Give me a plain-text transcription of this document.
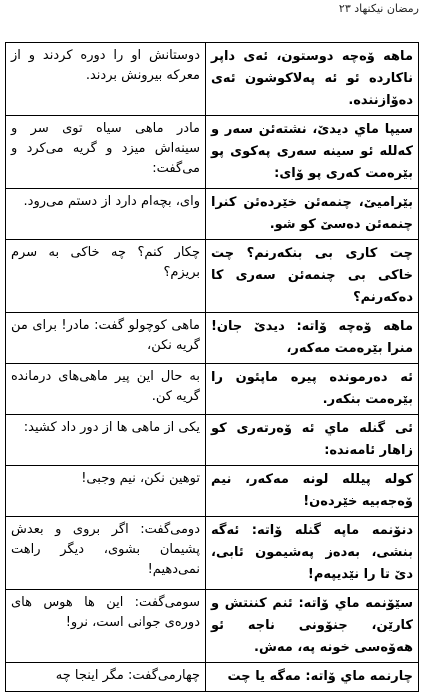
رمضان نیکنهاد ۲۳
ماهە ۆەچە دوستون، ئەی داپر ناکاردە ئو ئە پەلاکوشون ئەی دەۆازنندە.	دوستانش او را دوره کردند و از معرکه بیرونش بردند.
سیپا ماي دیدێ، نشتەئن سەر و کەللە ئو سینە سەری پەکوی پو بێرەمت کەری پو ۆای:	مادر ماهی سیاه توی سر و سینه‌اش میزد و گریه می‌کرد و می‌گفت:
بێرامیێ، چنمەئن خێردەئن کنرا چنمەئن دەسێ کو شو.	وای، بچه‌ام دارد از دستم می‌رود.
چت کاری بی بنکەرنم؟ چت خاکی بی چنمەئن سەری کا دەکەرنم؟	چکار کنم؟ چه خاکی به سرم بریزم؟
ماهە ۆەچە ۆاتە: دیدێ جان! منرا بێرەمت مەکەر،	ماهی کوچولو گفت: مادر! برای من گریه نکن،
ئە دەرموندە پیرە ماپئون را بێرەمت بنکەر.	به حال این پیر ماهی‌های درمانده گریه کن.
ئی گنلە ماي ئە ۆەرتەری کو زاهار ئامەندە:	یکی از ماهی ها از دور داد کشید:
کولە پیللە لونە مەکەر، نیم ۆەجەبیە خێردەن!	توهین نکن، نیم وجبی!
دنۆنمە ماپە گنلە ۆاتە: ئەگە بنشی، بەدەز پەشیمون ئابی، دێ تا را نێدیپەم!	دومی‌گفت: اگر بروی و بعدش پشیمان بشوی، دیگر راهت نمی‌دهیم!
سێۆنمە ماي ۆاتە: ئنم کننتش و کارێن، جنۆونی ناجە ئو هەۆەسی خونە پە، مەش.	سومی‌گفت: این ها هوس های دوره‌ی جوانی است، نرو!
چارنمە ماي ۆاتە: مەگە یا چت	چهارمی‌گفت: مگر اینجا چه
